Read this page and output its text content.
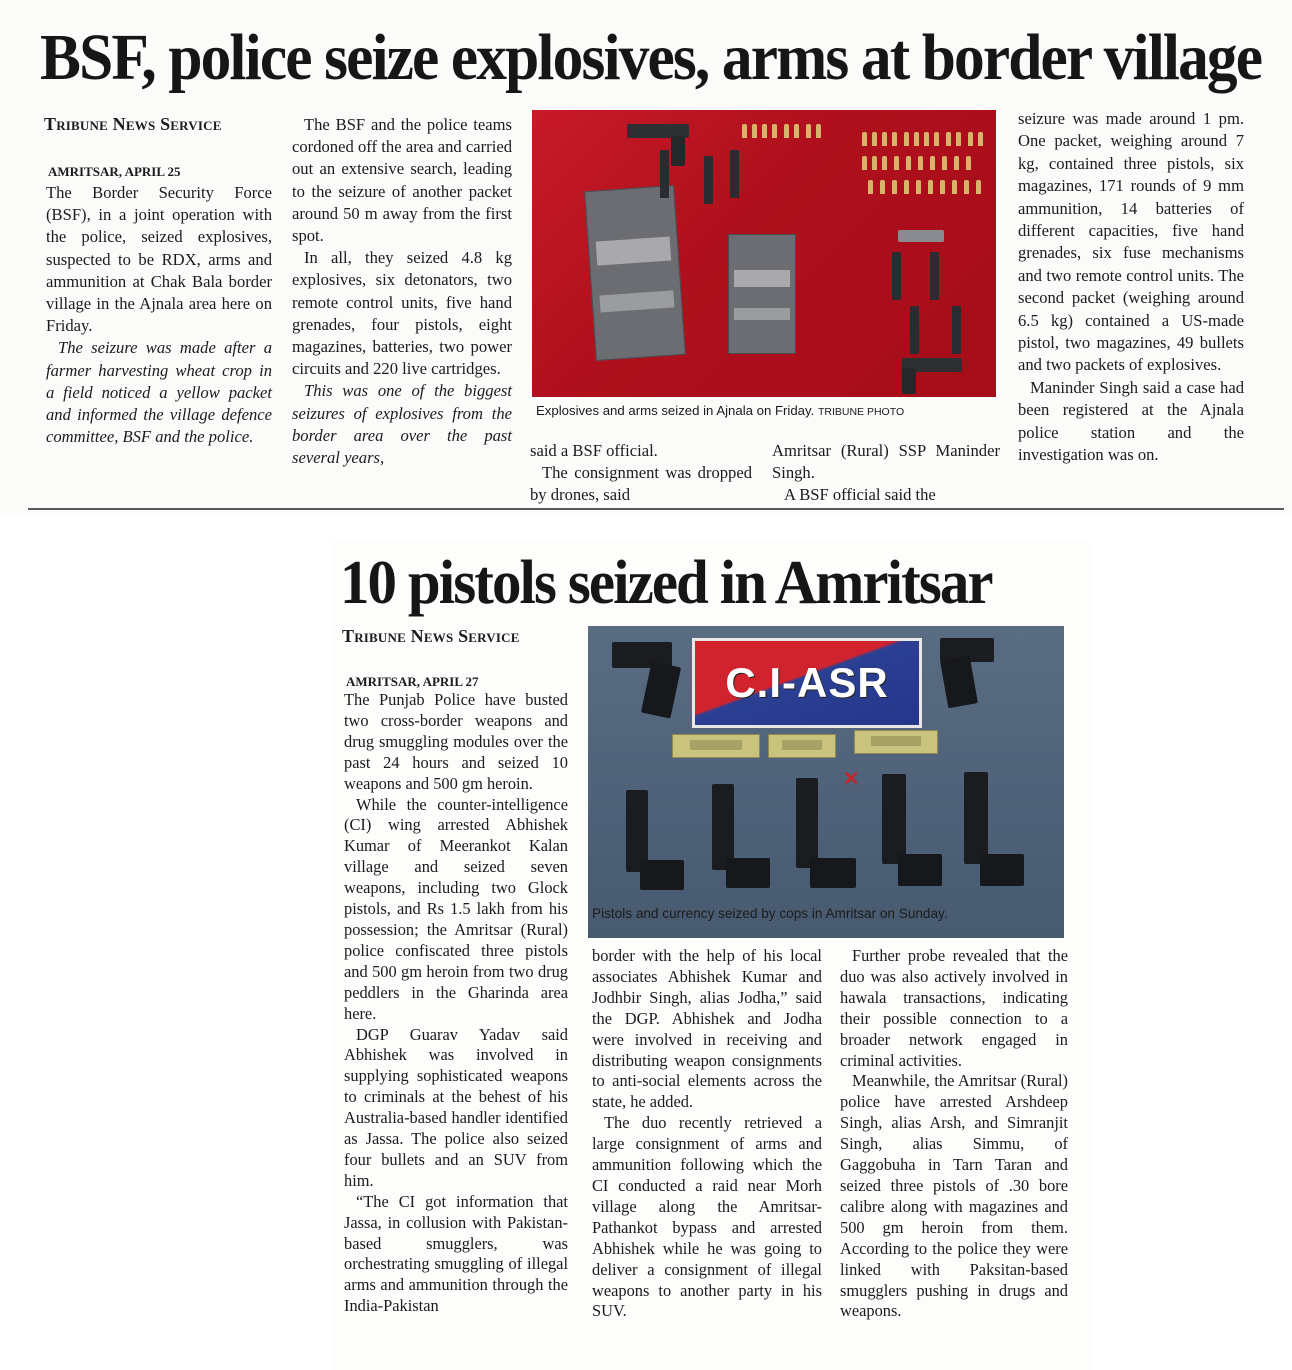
BSF, police seize explosives, arms at border village
Tribune News Service
AMRITSAR, APRIL 25

The Border Security Force (BSF), in a joint operation with the police, seized explosives, suspected to be RDX, arms and ammunition at Chak Bala border village in the Ajnala area here on Friday.

The seizure was made after a farmer harvesting wheat crop in a field noticed a yellow packet and informed the village defence committee, BSF and the police.

The BSF and the police teams cordoned off the area and carried out an extensive search, leading to the seizure of another packet around 50 m away from the first spot.

In all, they seized 4.8 kg explosives, six detonators, two remote control units, five hand grenades, four pistols, eight magazines, batteries, two power circuits and 220 live cartridges.

This was one of the biggest seizures of explosives from the border area over the past several years,

Explosives and arms seized in Ajnala on Friday. TRIBUNE PHOTO

said a BSF official.

The consignment was dropped by drones, said

Amritsar (Rural) SSP Maninder Singh.

A BSF official said the

seizure was made around 1 pm. One packet, weighing around 7 kg, contained three pistols, six magazines, 171 rounds of 9 mm ammunition, 14 batteries of different capacities, five hand grenades, six fuse mechanisms and two remote control units. The second packet (weighing around 6.5 kg) contained a US-made pistol, two magazines, 49 bullets and two packets of explosives.

Maninder Singh said a case had been registered at the Ajnala police station and the investigation was on.

10 pistols seized in Amritsar
Tribune News Service
AMRITSAR, APRIL 27

The Punjab Police have busted two cross-border weapons and drug smuggling modules over the past 24 hours and seized 10 weapons and 500 gm heroin.

While the counter-intelligence (CI) wing arrested Abhishek Kumar of Meerankot Kalan village and seized seven weapons, including two Glock pistols, and Rs 1.5 lakh from his possession; the Amritsar (Rural) police confiscated three pistols and 500 gm heroin from two drug peddlers in the Gharinda area here.

DGP Guarav Yadav said Abhishek was involved in supplying sophisticated weapons to criminals at the behest of his Australia-based handler identified as Jassa. The police also seized four bullets and an SUV from him.

“The CI got information that Jassa, in collusion with Pakistan-based smugglers, was orchestrating smuggling of illegal arms and ammunition through the India-Pakistan

C.I-ASR
×
Pistols and currency seized by cops in Amritsar on Sunday.

border with the help of his local associates Abhishek Kumar and Jodhbir Singh, alias Jodha,” said the DGP. Abhishek and Jodha were involved in receiving and distributing weapon consignments to anti-social elements across the state, he added.

The duo recently retrieved a large consignment of arms and ammunition following which the CI conducted a raid near Morh village along the Amritsar-Pathankot bypass and arrested Abhishek while he was going to deliver a consignment of illegal weapons to another party in his SUV.

Further probe revealed that the duo was also actively involved in hawala transactions, indicating their possible connection to a broader network engaged in criminal activities.

Meanwhile, the Amritsar (Rural) police have arrested Arshdeep Singh, alias Arsh, and Simranjit Singh, alias Simmu, of Gaggobuha in Tarn Taran and seized three pistols of .30 bore calibre along with magazines and 500 gm heroin from them. According to the police they were linked with Paksitan-based smugglers pushing in drugs and weapons.
